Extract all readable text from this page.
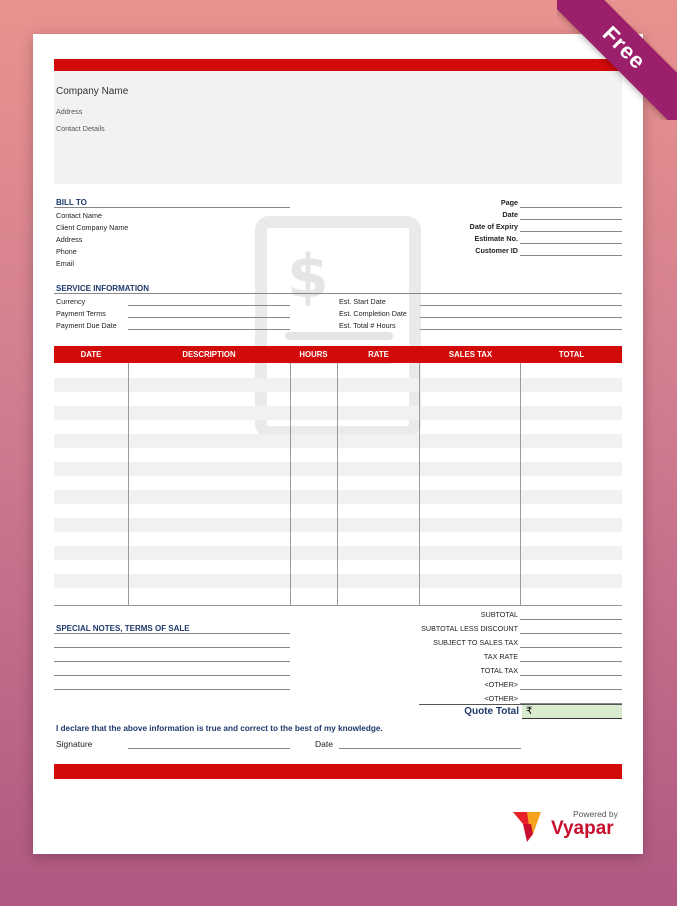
Free
Company Name
Address
Contact Details
$
BILL TO
Contact Name
Client Company Name
Address
Phone
Email
Page
Date
Date of Expiry
Estimate No.
Customer ID
SERVICE INFORMATION
Currency
Payment Terms
Payment Due Date
Est. Start Date
Est. Completion Date
Est. Total # Hours
DATE	DESCRIPTION	HOURS	RATE	SALES TAX	TOTAL
SPECIAL NOTES, TERMS OF SALE
SUBTOTAL
SUBTOTAL LESS DISCOUNT
SUBJECT TO SALES TAX
TAX RATE
TOTAL TAX
<OTHER>
<OTHER>
Quote Total ₹
I declare that the above information is true and correct to the best of my knowledge.
Signature	Date
Powered by
Vyapar
